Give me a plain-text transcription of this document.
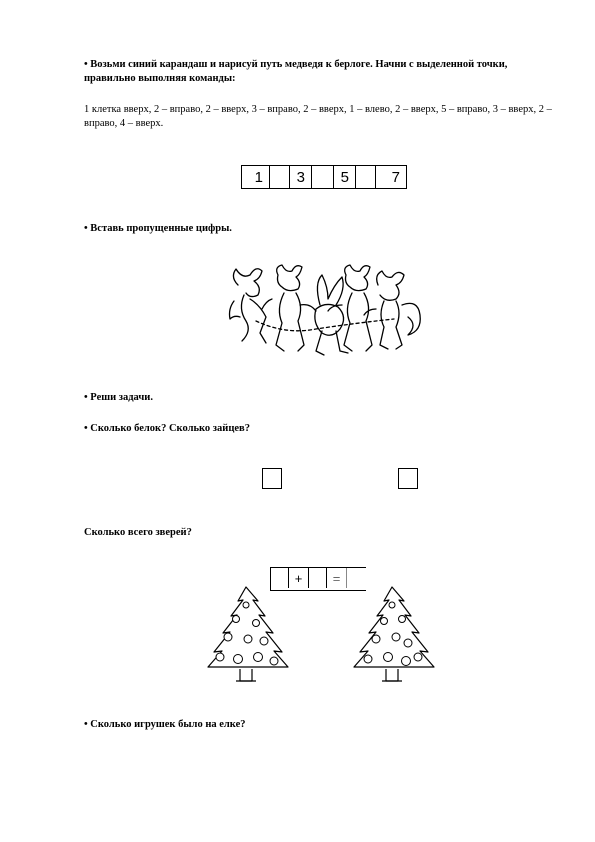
• Возьми синий карандаш и нарисуй путь медведя к берлоге. Начни с выделенной точки, правильно выполняя команды:
1 клетка вверх, 2 – вправо, 2 – вверх, 3 – вправо, 2 – вверх, 1 – влево, 2 – вверх, 5 – вправо, 3 – вверх, 2 – вправо, 4 – вверх.
1	3	5	7
• Вставь пропущенные цифры.
• Реши задачи.
• Сколько белок? Сколько зайцев?
Сколько всего зверей?
+	=
• Сколько игрушек было на елке?
